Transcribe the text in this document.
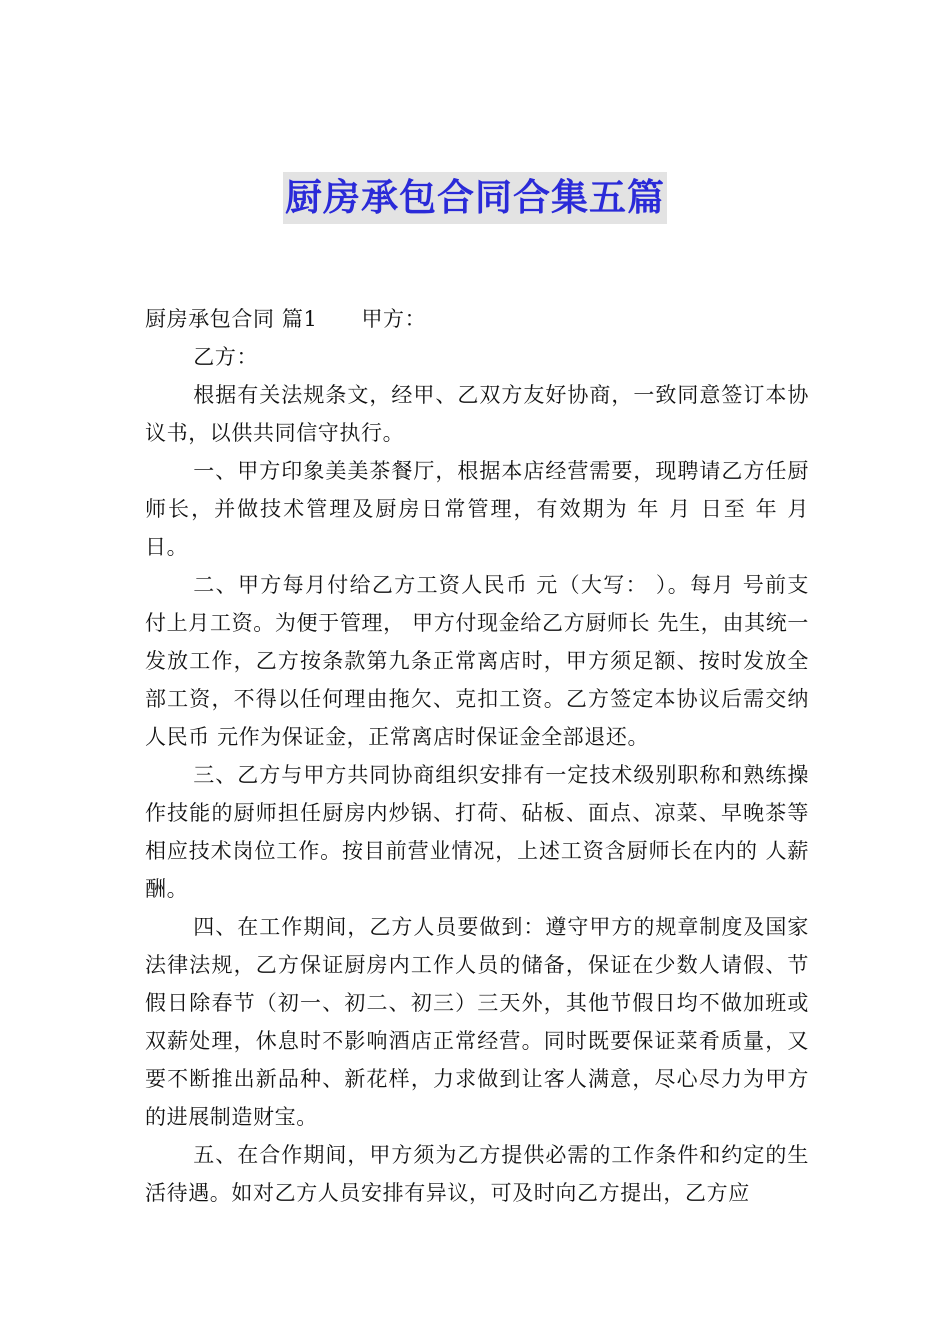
厨房承包合同合集五篇

厨房承包合同 篇1 甲方：

乙方：

根据有关法规条文，经甲、乙双方友好协商，一致同意签订本协议书，以供共同信守执行。

一、甲方印象美美茶餐厅，根据本店经营需要，现聘请乙方任厨师长，并做技术管理及厨房日常管理，有效期为 年 月 日至 年 月 日。

二、甲方每月付给乙方工资人民币 元（大写： ）。每月 号前支付上月工资。为便于管理， 甲方付现金给乙方厨师长 先生，由其统一发放工作，乙方按条款第九条正常离店时，甲方须足额、按时发放全部工资，不得以任何理由拖欠、克扣工资。乙方签定本协议后需交纳人民币 元作为保证金，正常离店时保证金全部退还。

三、乙方与甲方共同协商组织安排有一定技术级别职称和熟练操作技能的厨师担任厨房内炒锅、打荷、砧板、面点、凉菜、早晚茶等相应技术岗位工作。按目前营业情况，上述工资含厨师长在内的 人薪酬。

四、在工作期间，乙方人员要做到：遵守甲方的规章制度及国家法律法规，乙方保证厨房内工作人员的储备，保证在少数人请假、节假日除春节（初一、初二、初三）三天外，其他节假日均不做加班或双薪处理，休息时不影响酒店正常经营。同时既要保证菜肴质量，又要不断推出新品种、新花样，力求做到让客人满意，尽心尽力为甲方的进展制造财宝。

五、在合作期间，甲方须为乙方提供必需的工作条件和约定的生活待遇。如对乙方人员安排有异议，可及时向乙方提出，乙方应
